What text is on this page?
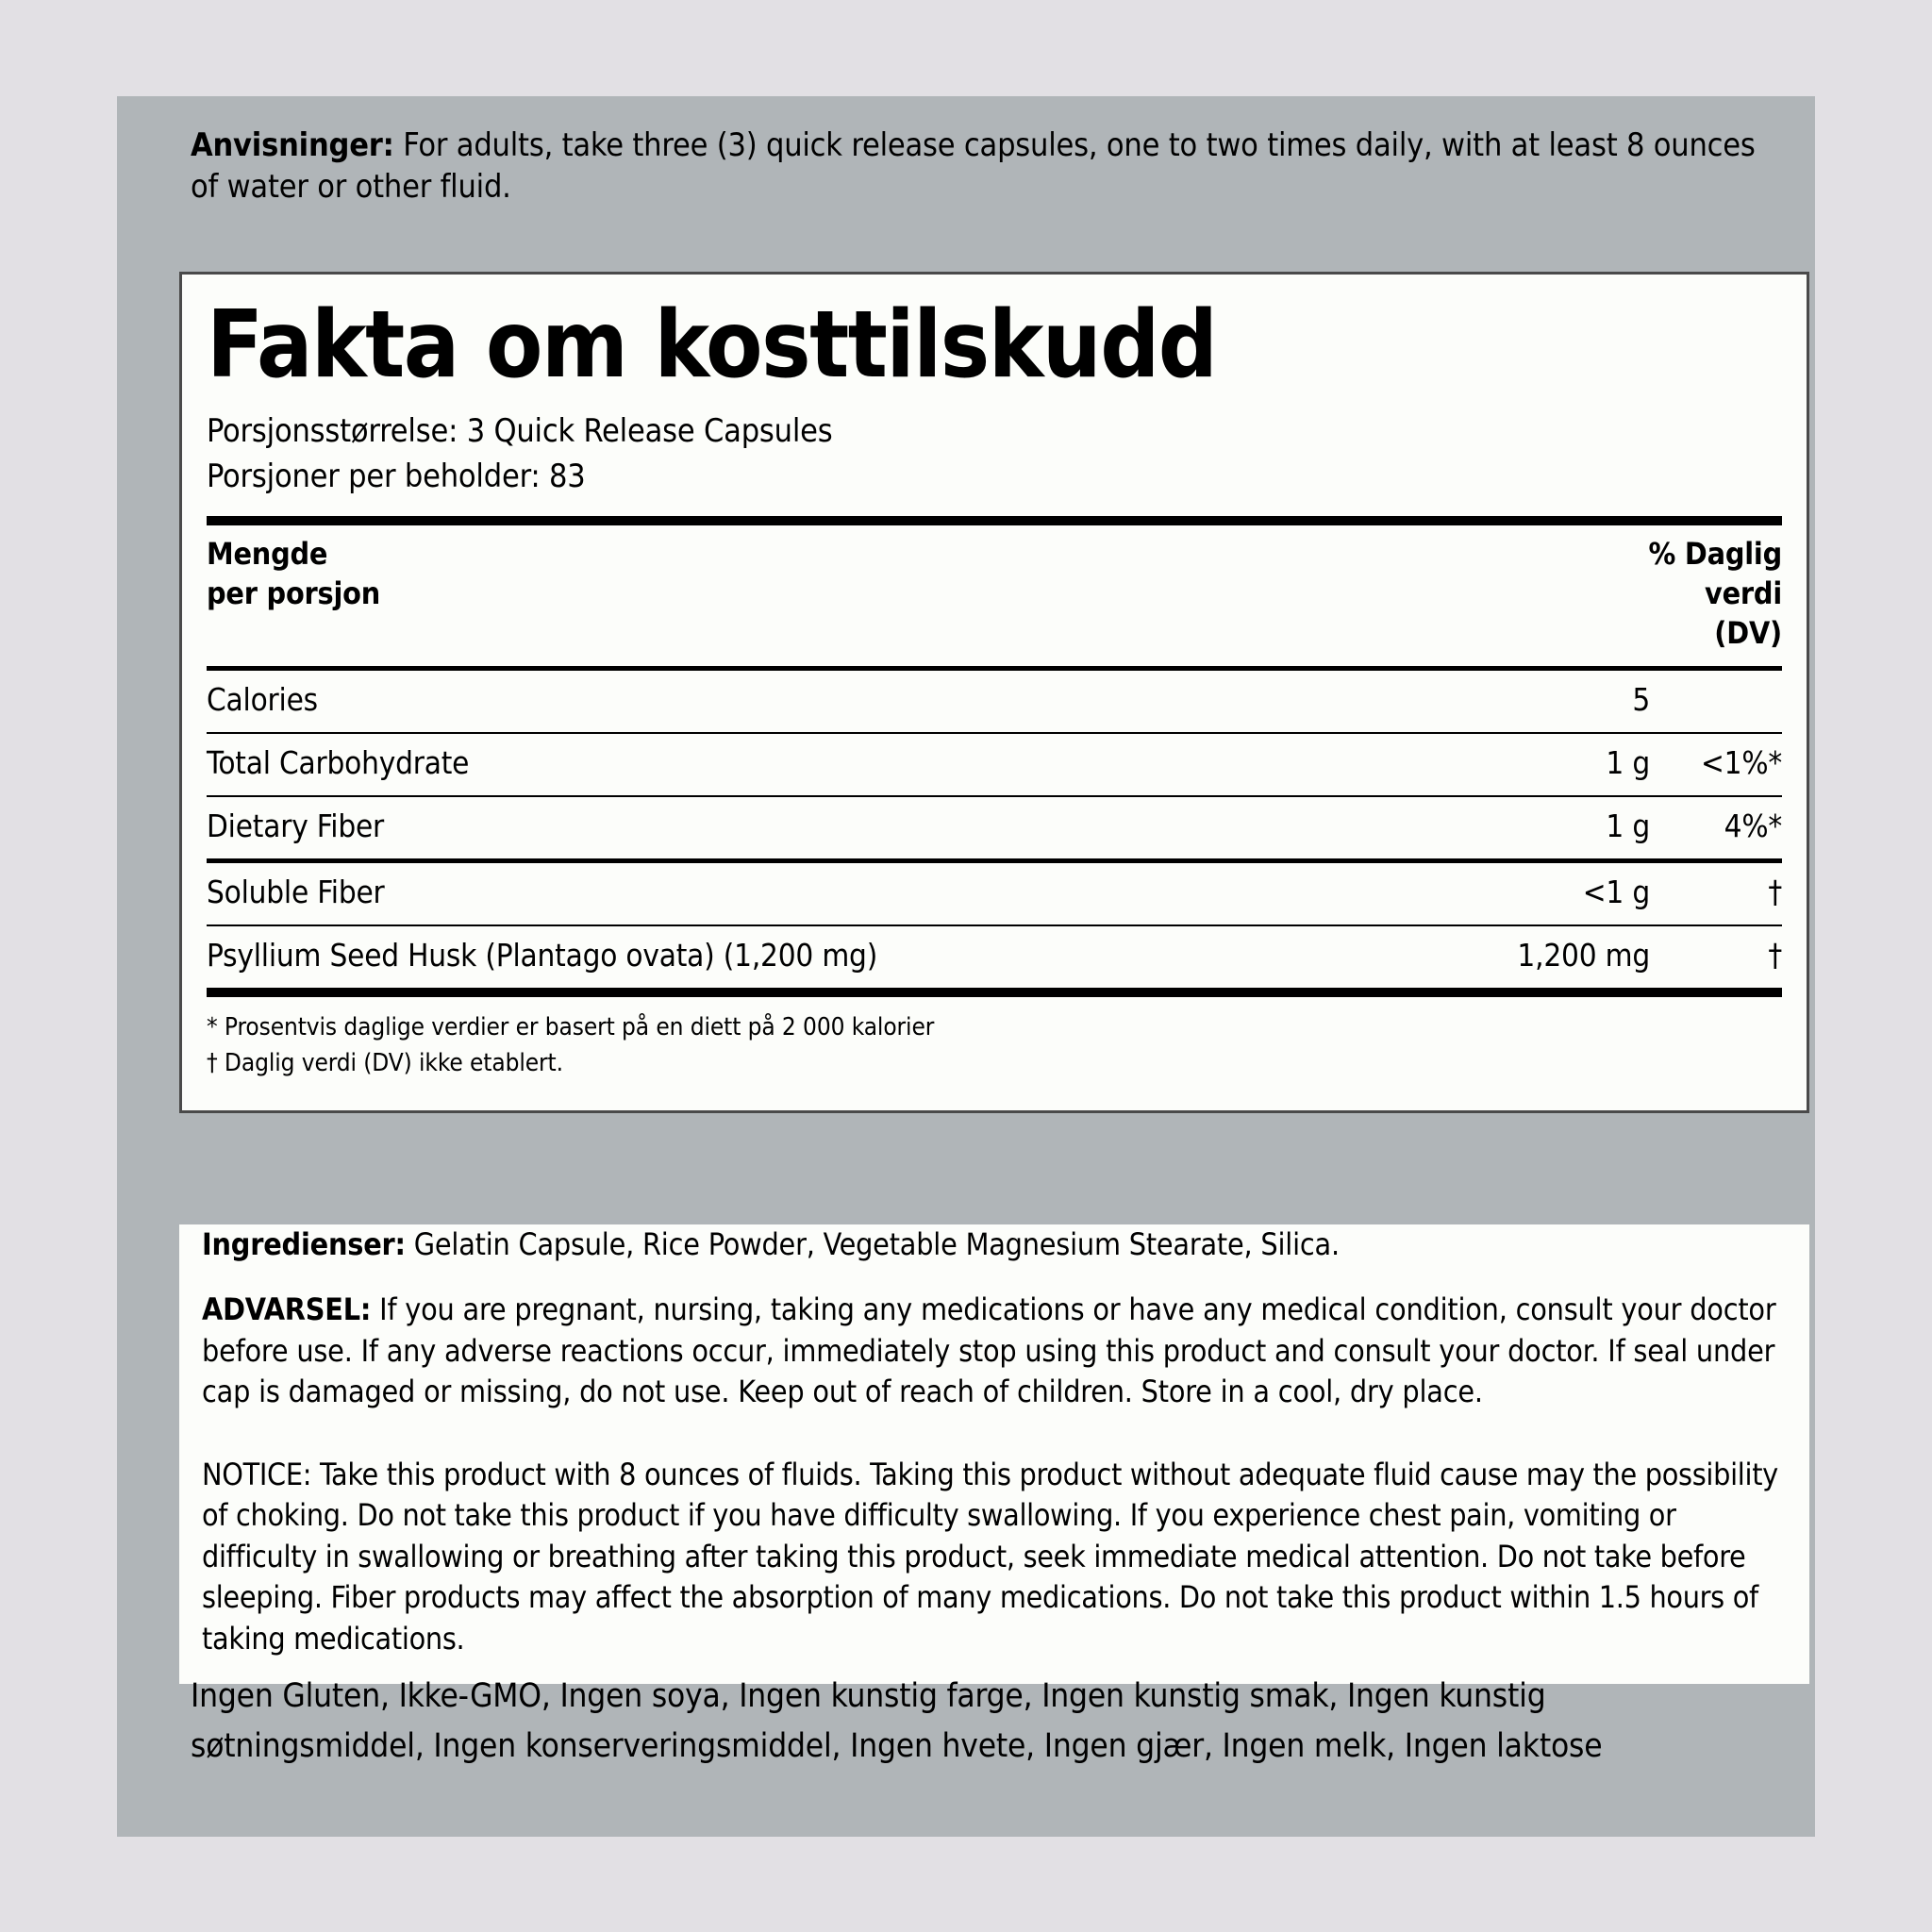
Anvisninger: For adults, take three (3) quick release capsules, one to two times daily, with at least 8 ounces of water or other fluid.
Fakta om kosttilskudd
Porsjonsstørrelse: 3 Quick Release Capsules
Porsjoner per beholder: 83
Mengde
per porsjon

% Daglig
verdi
(DV)

Calories	5	

Total Carbohydrate	1 g	<1%*

Dietary Fiber	1 g	4%*

Soluble Fiber	<1 g	†

Psyllium Seed Husk (Plantago ovata) (1,200 mg)	1,200 mg	†

* Prosentvis daglige verdier er basert på en diett på 2 000 kalorier
† Daglig verdi (DV) ikke etablert.
Ingredienser: Gelatin Capsule, Rice Powder, Vegetable Magnesium Stearate, Silica.
ADVARSEL: If you are pregnant, nursing, taking any medications or have any medical condition, consult your doctor before use. If any adverse reactions occur, immediately stop using this product and consult your doctor. If seal under cap is damaged or missing, do not use. Keep out of reach of children. Store in a cool, dry place.
NOTICE: Take this product with 8 ounces of fluids. Taking this product without adequate fluid cause may the possibility of choking. Do not take this product if you have difficulty swallowing. If you experience chest pain, vomiting or difficulty in swallowing or breathing after taking this product, seek immediate medical attention. Do not take before sleeping. Fiber products may affect the absorption of many medications. Do not take this product within 1.5 hours of taking medications.
Ingen Gluten, Ikke-GMO, Ingen soya, Ingen kunstig farge, Ingen kunstig smak, Ingen kunstig søtningsmiddel, Ingen konserveringsmiddel, Ingen hvete, Ingen gjær, Ingen melk, Ingen laktose
